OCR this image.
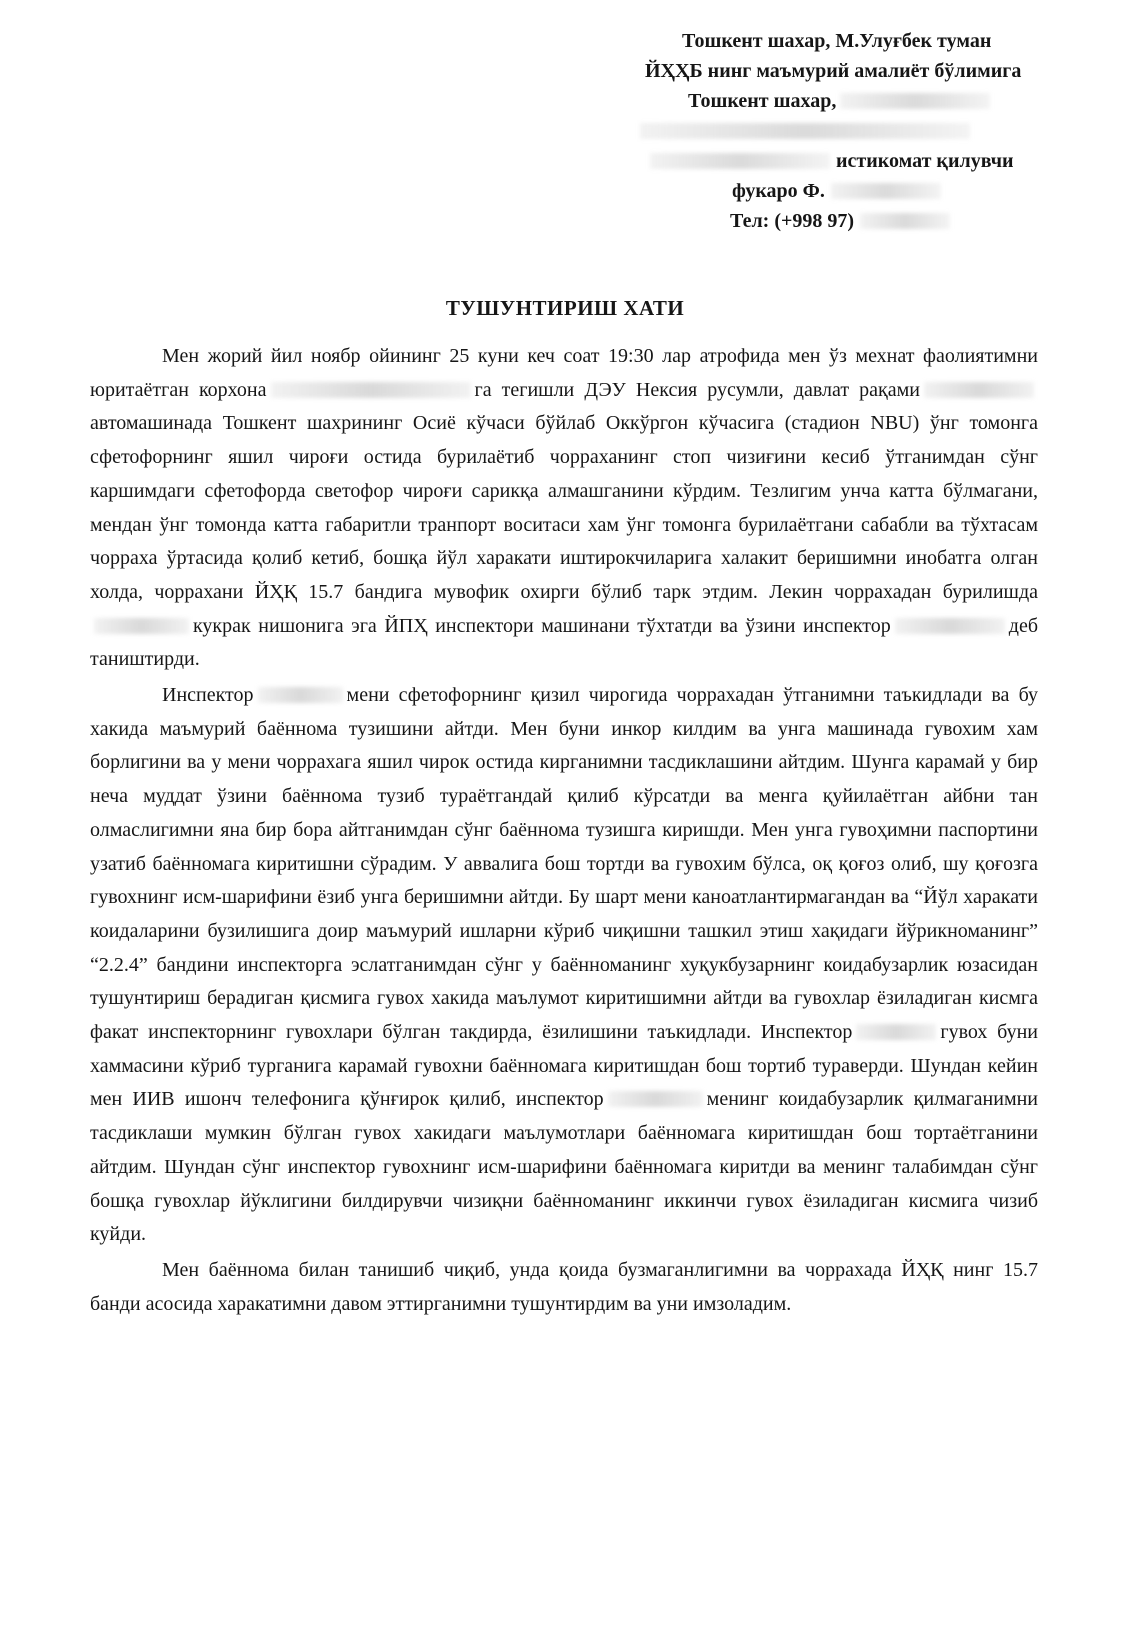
Тошкент шахар, М.Улуғбек туман
ЙҲҲБ нинг маъмурий амалиёт бўлимига
Тошкент шахар,
истикомат қилувчи
фукаро Ф.
Тел: (+998 97)
ТУШУНТИРИШ ХАТИ

Мен жорий йил ноябр ойининг 25 куни кеч соат 19:30 лар атрофида мен ўз мехнат фаолиятимни юритаётган корхона	га тегишли ДЭУ Нексия русумли, давлат рақамиавтомашинада Тошкент шахрининг Осиё кўчаси бўйлаб Оккўргон кўчасига (стадион NBU) ўнг томонга сфетофорнинг яшил чироғи остида бурилаётиб чорраханинг стоп чизиғини кесиб ўтганимдан сўнг каршимдаги сфетофорда светофор чироғи сарикқа алмашганини кўрдим. Тезлигим унча катта бўлмагани, мендан ўнг томонда катта габаритли транпорт воситаси хам ўнг томонга бурилаётгани сабабли ва тўхтасам чорраха ўртасида қолиб кетиб, бошқа йўл харакати иштирокчиларига халакит беришимни инобатга олган холда, чоррахани ЙҲҚ 15.7 бандига мувофик охирги бўлиб тарк этдим. Лекин чоррахадан бурилишдакукрак нишонига эга ЙПҲ инспектори машинани тўхтатди ва ўзини инспектор	деб таништирди.

Инспектор	мени сфетофорнинг қизил чирогида чоррахадан ўтганимни таъкидлади ва бу хакида маъмурий баённома тузишини айтди. Мен буни инкор килдим ва унга машинада гувохим хам борлигини ва у мени чоррахага яшил чирок остида кирганимни тасдиклашини айтдим. Шунга карамай у бир неча муддат ўзини баённома тузиб тураётгандай қилиб кўрсатди ва менга қуйилаётган айбни тан олмаслигимни яна бир бора айтганимдан сўнг баённома тузишга киришди. Мен унга гувоҳимни паспортини узатиб баённомага киритишни сўрадим. У аввалига бош тортди ва гувохим бўлса, оқ қоғоз олиб, шу қоғозга гувохнинг исм-шарифини ёзиб унга беришимни айтди. Бу шарт мени каноатлантирмагандан ва “Йўл харакати коидаларини бузилишига доир маъмурий ишларни кўриб чиқишни ташкил этиш хақидаги йўрикноманинг” “2.2.4” бандини инспекторга эслатганимдан сўнг у баённоманинг хуқукбузарнинг коидабузарлик юзасидан тушунтириш берадиган қисмига гувох хакида маълумот киритишимни айтди ва гувохлар ёзиладиган кисмга факат инспекторнинг гувохлари бўлган такдирда, ёзилишини таъкидлади. Инспектор	гувох буни хаммасини кўриб турганига карамай гувохни баённомага киритишдан бош тортиб тураверди. Шундан кейин мен ИИВ ишонч телефонига қўнғирок қилиб, инспектор	менинг коидабузарлик қилмаганимни тасдиклаши мумкин бўлган гувох хакидаги маълумотлари баённомага киритишдан бош тортаётганини айтдим. Шундан сўнг инспектор гувохнинг исм-шарифини баённомага киритди ва менинг талабимдан сўнг бошқа гувохлар йўклигини билдирувчи чизиқни баённоманинг иккинчи гувох ёзиладиган кисмига чизиб куйди.

Мен баённома билан танишиб чиқиб, унда қоида бузмаганлигимни ва чоррахада ЙҲҚ нинг 15.7 банди асосида харакатимни давом эттирганимни тушунтирдим ва уни имзоладим.
